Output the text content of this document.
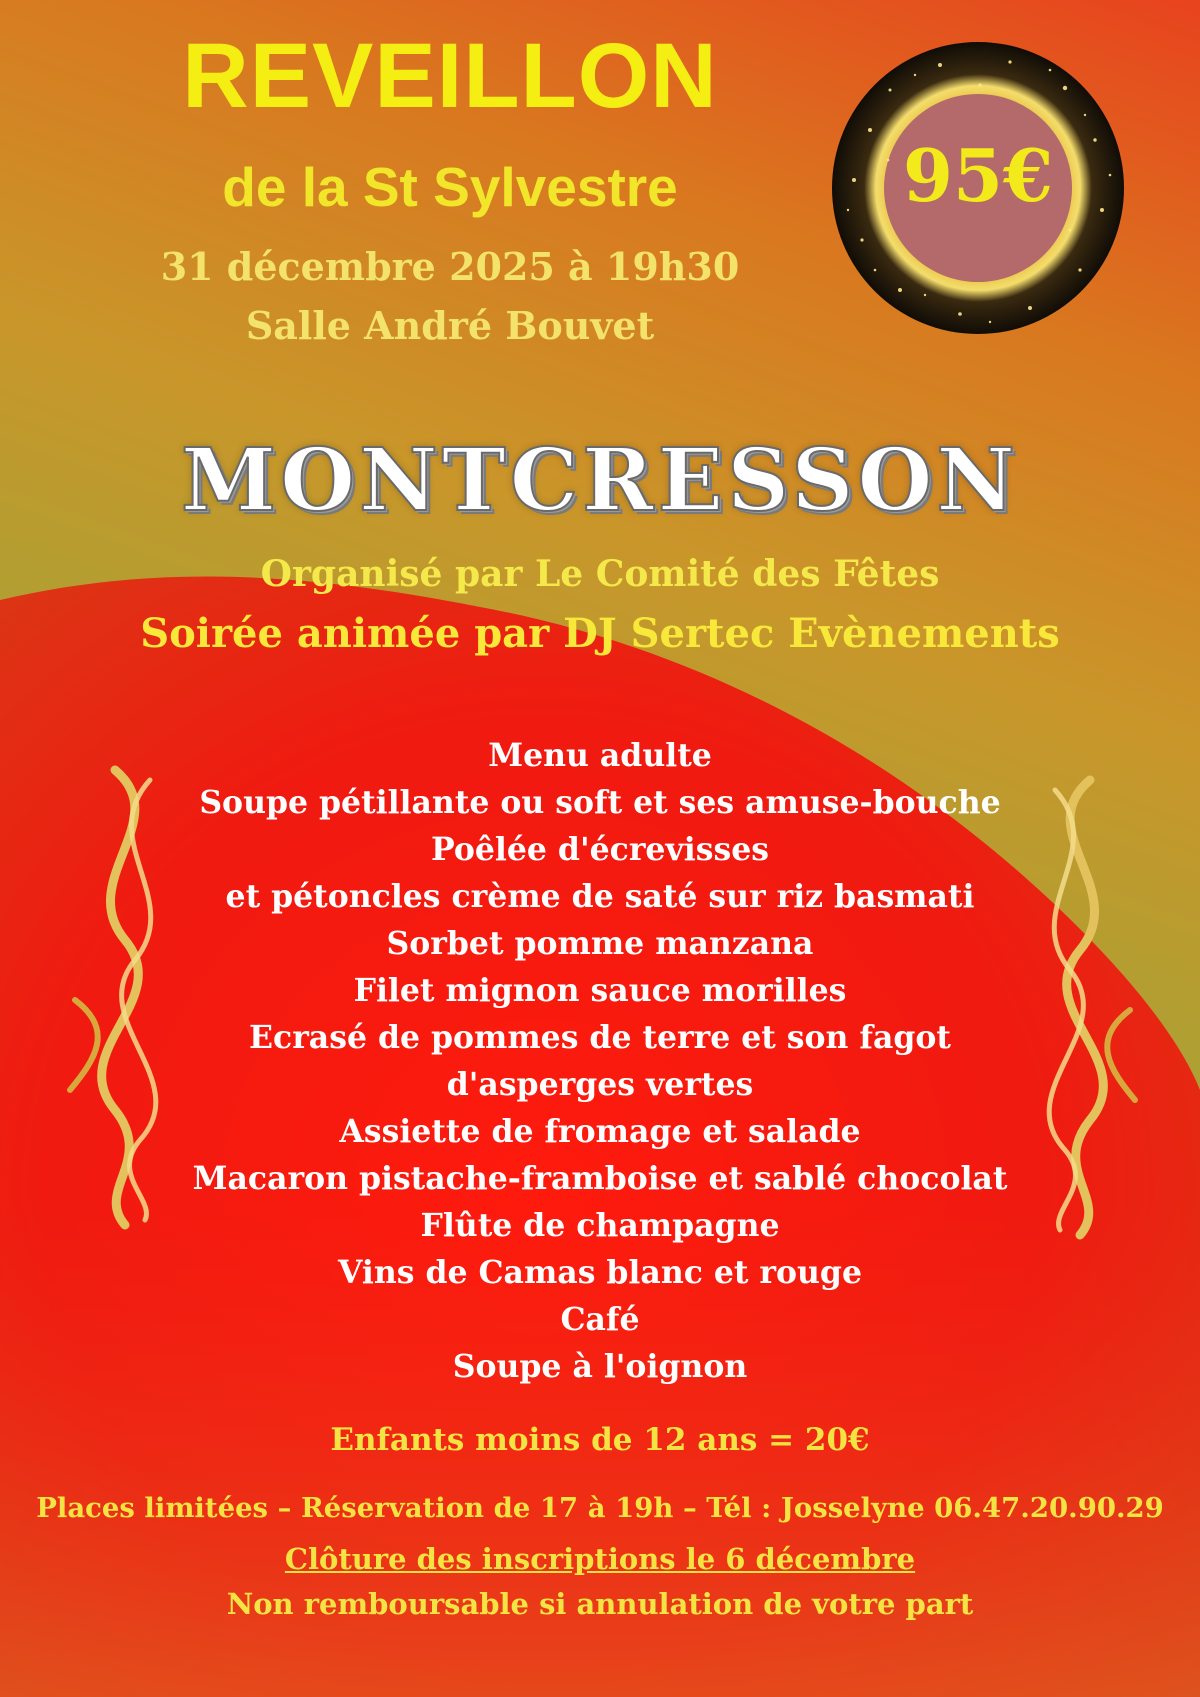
REVEILLON
de la St Sylvestre
31 décembre 2025 à 19h30
Salle André Bouvet
95€
MONTCRESSON
Organisé par Le Comité des Fêtes
Soirée animée par DJ Sertec Evènements
Menu adulte
Soupe pétillante ou soft et ses amuse-bouche
Poêlée d'écrevisses
et pétoncles crème de saté sur riz basmati
Sorbet pomme manzana
Filet mignon sauce morilles
Ecrasé de pommes de terre et son fagot
d'asperges vertes
Assiette de fromage et salade
Macaron pistache-framboise et sablé chocolat
Flûte de champagne
Vins de Camas blanc et rouge
Café
Soupe à l'oignon
Enfants moins de 12 ans = 20€
Places limitées – Réservation de 17 à 19h – Tél : Josselyne 06.47.20.90.29
Clôture des inscriptions le 6 décembre
Non remboursable si annulation de votre part
